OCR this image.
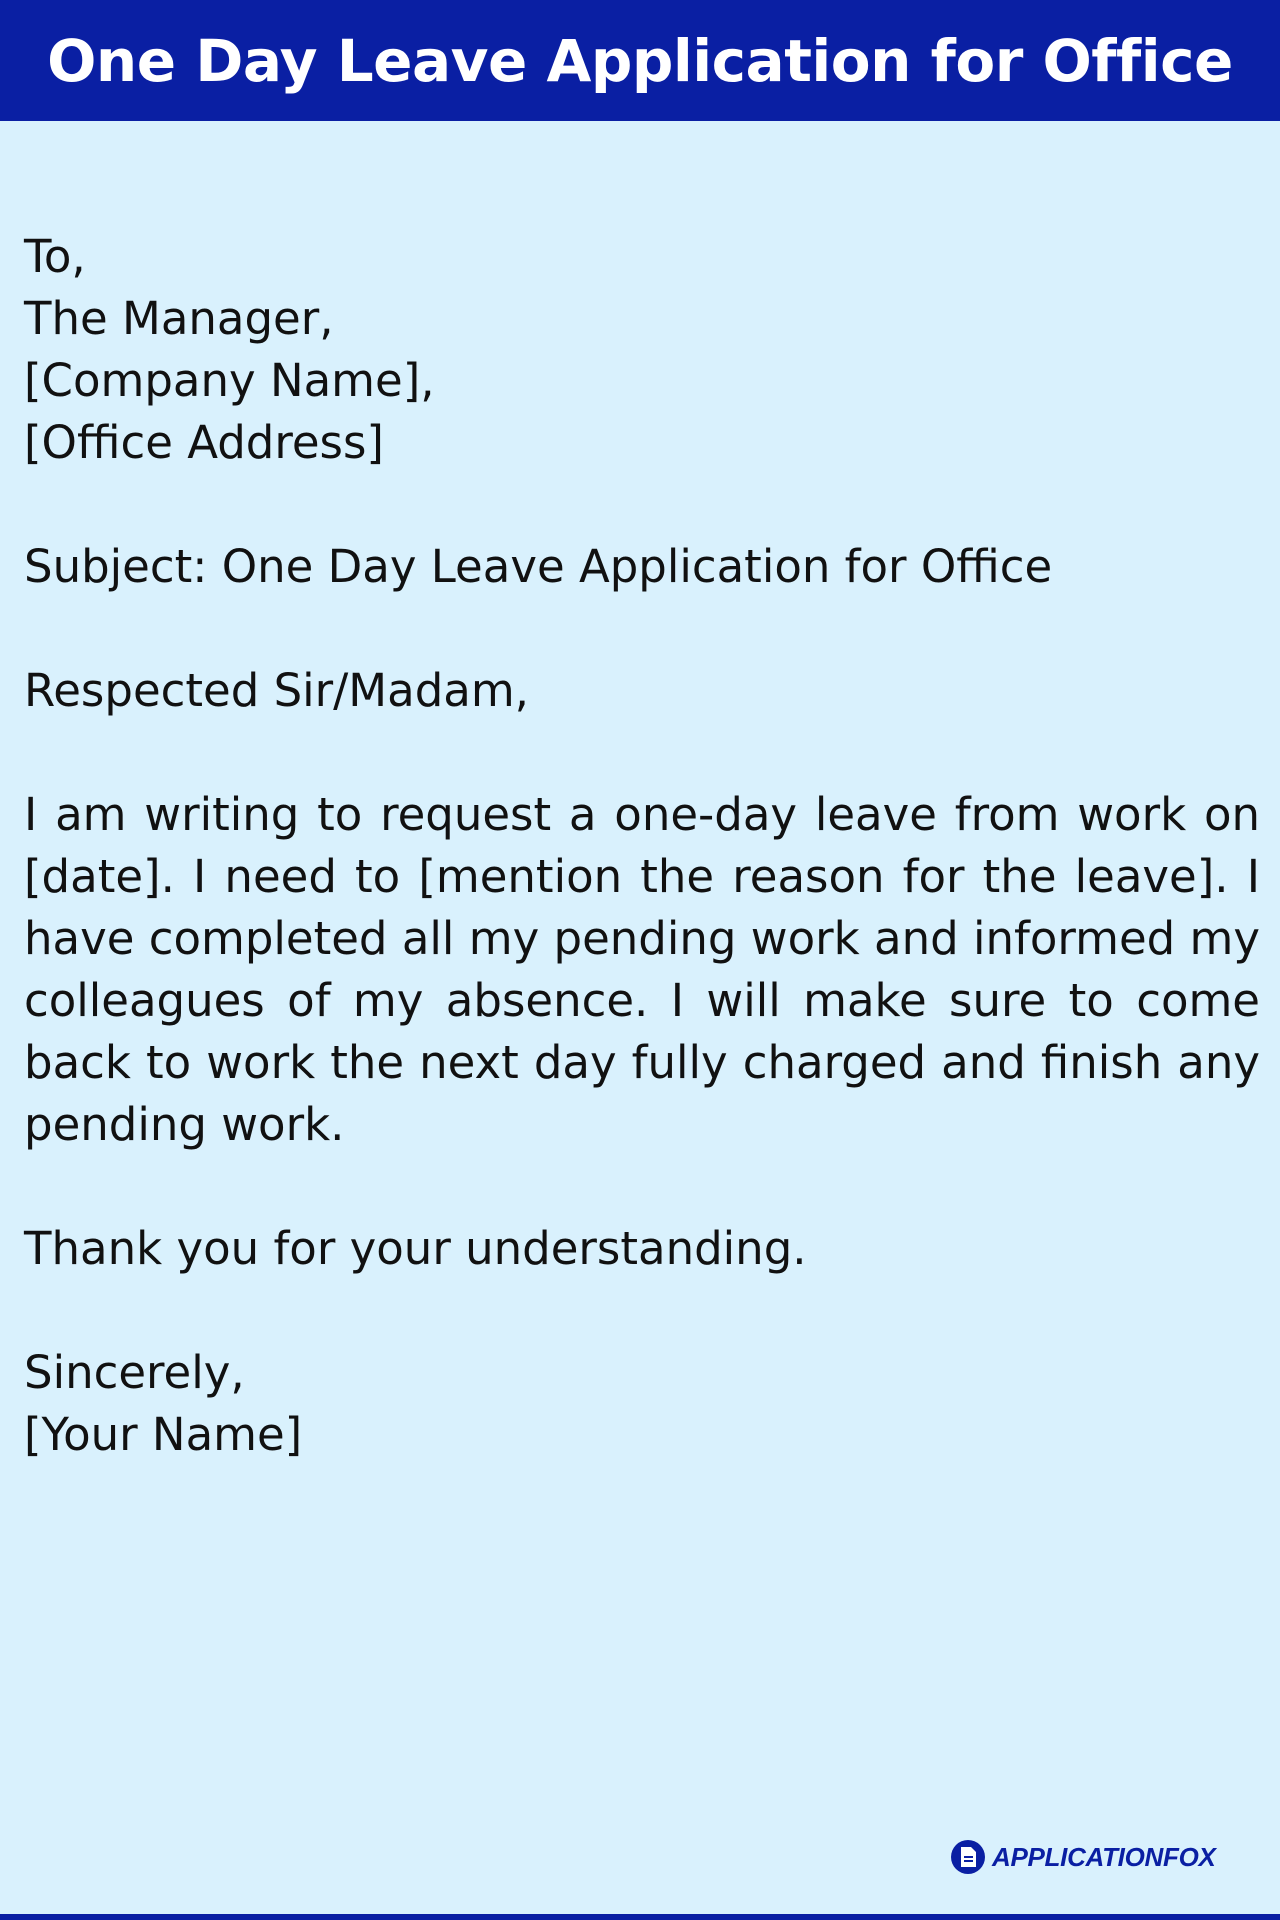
One Day Leave Application for Office
To,
The Manager,
[Company Name],
[Office Address]
Subject: One Day Leave Application for Office
Respected Sir/Madam,
I am writing to request a one-day leave from work on [date]. I need to [mention the reason for the leave]. I have completed all my pending work and informed my colleagues of my absence. I will make sure to come back to work the next day fully charged and finish any pending work.
Thank you for your understanding.
Sincerely,
[Your Name]
APPLICATIONFOX
